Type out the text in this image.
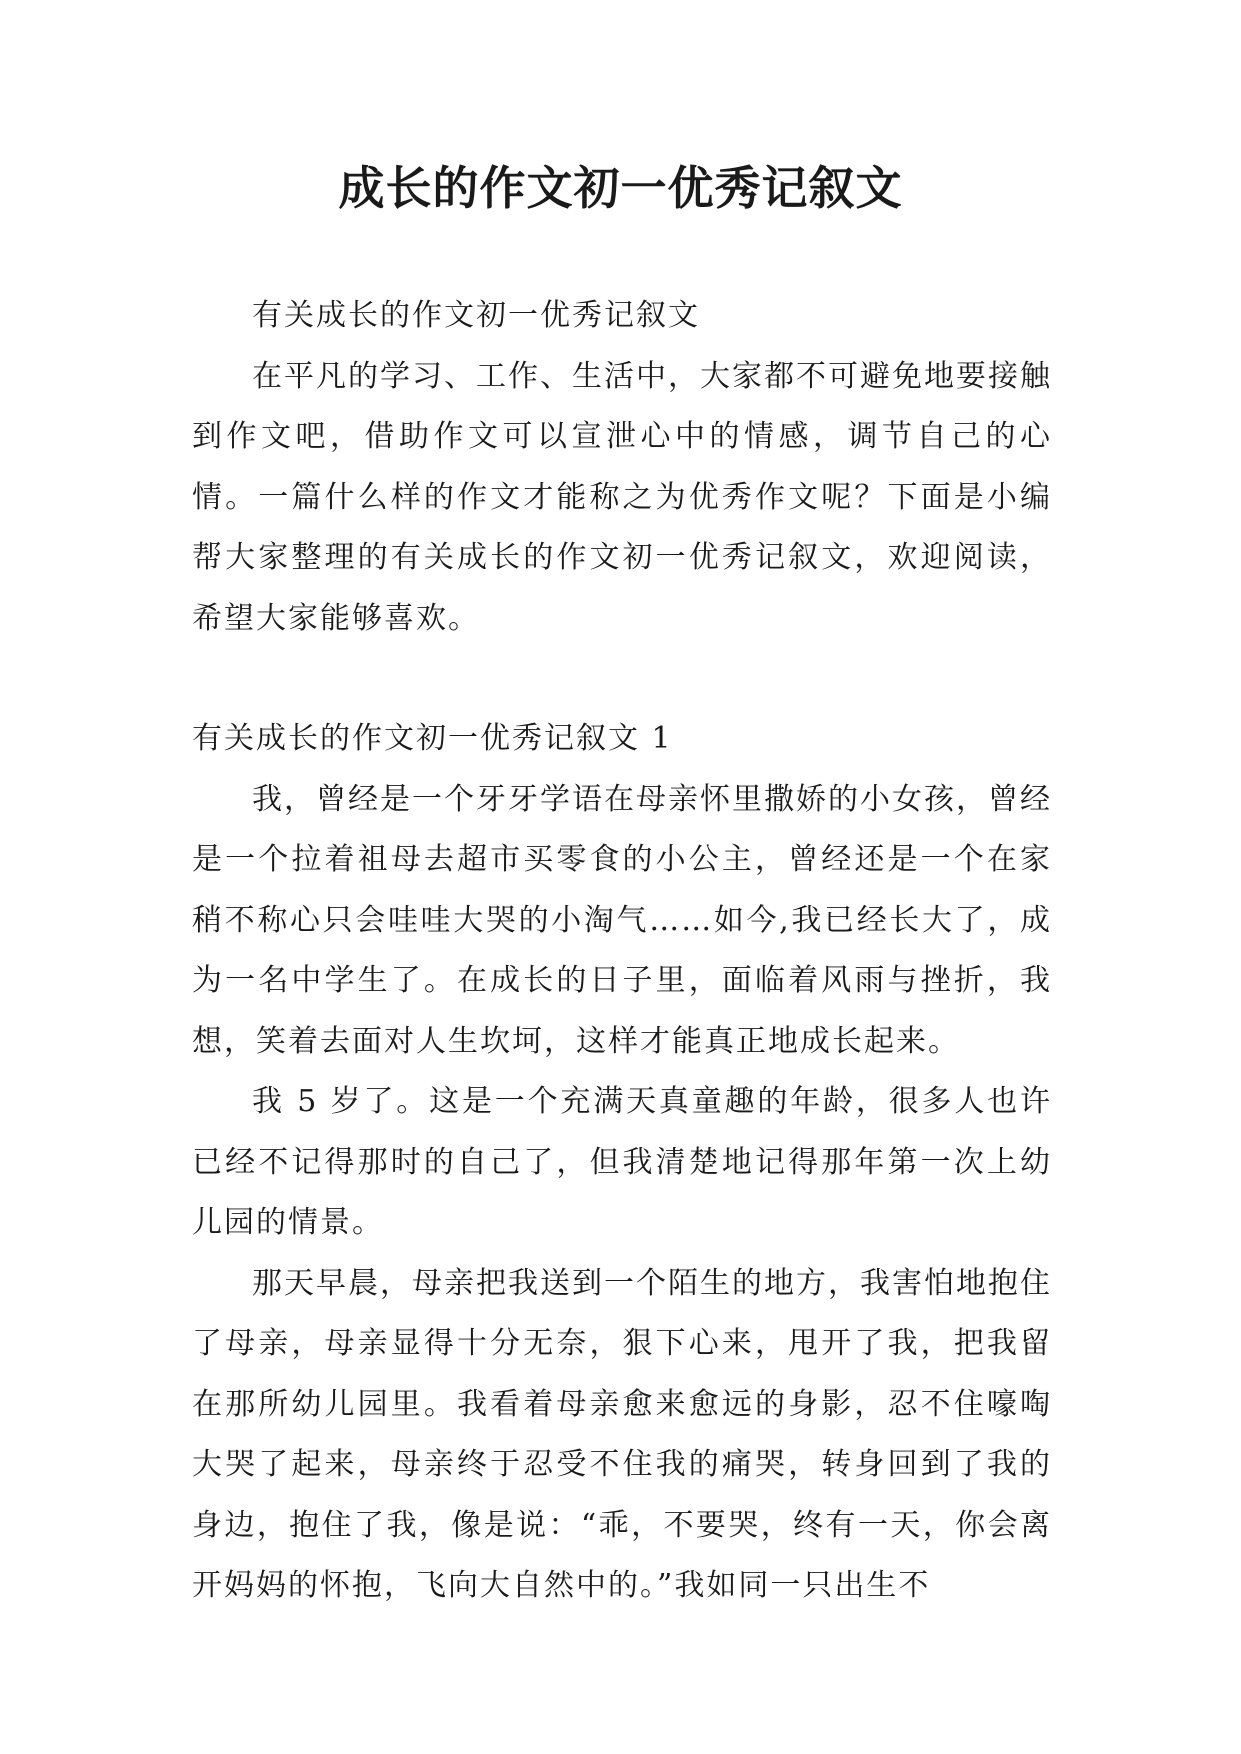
成长的作文初一优秀记叙文

有关成长的作文初一优秀记叙文

在平凡的学习、工作、生活中，大家都不可避免地要接触到作文吧，借助作文可以宣泄心中的情感，调节自己的心情。一篇什么样的作文才能称之为优秀作文呢？下面是小编帮大家整理的有关成长的作文初一优秀记叙文，欢迎阅读，希望大家能够喜欢。

有关成长的作文初一优秀记叙文 1

我，曾经是一个牙牙学语在母亲怀里撒娇的小女孩，曾经是一个拉着祖母去超市买零食的小公主，曾经还是一个在家稍不称心只会哇哇大哭的小淘气……如今,我已经长大了，成为一名中学生了。在成长的日子里，面临着风雨与挫折，我想，笑着去面对人生坎坷，这样才能真正地成长起来。

我 5 岁了。这是一个充满天真童趣的年龄，很多人也许已经不记得那时的自己了，但我清楚地记得那年第一次上幼儿园的情景。

那天早晨，母亲把我送到一个陌生的地方，我害怕地抱住了母亲，母亲显得十分无奈，狠下心来，甩开了我，把我留在那所幼儿园里。我看着母亲愈来愈远的身影，忍不住嚎啕大哭了起来，母亲终于忍受不住我的痛哭，转身回到了我的身边，抱住了我，像是说：“乖，不要哭，终有一天，你会离开妈妈的怀抱，飞向大自然中的。”我如同一只出生不
